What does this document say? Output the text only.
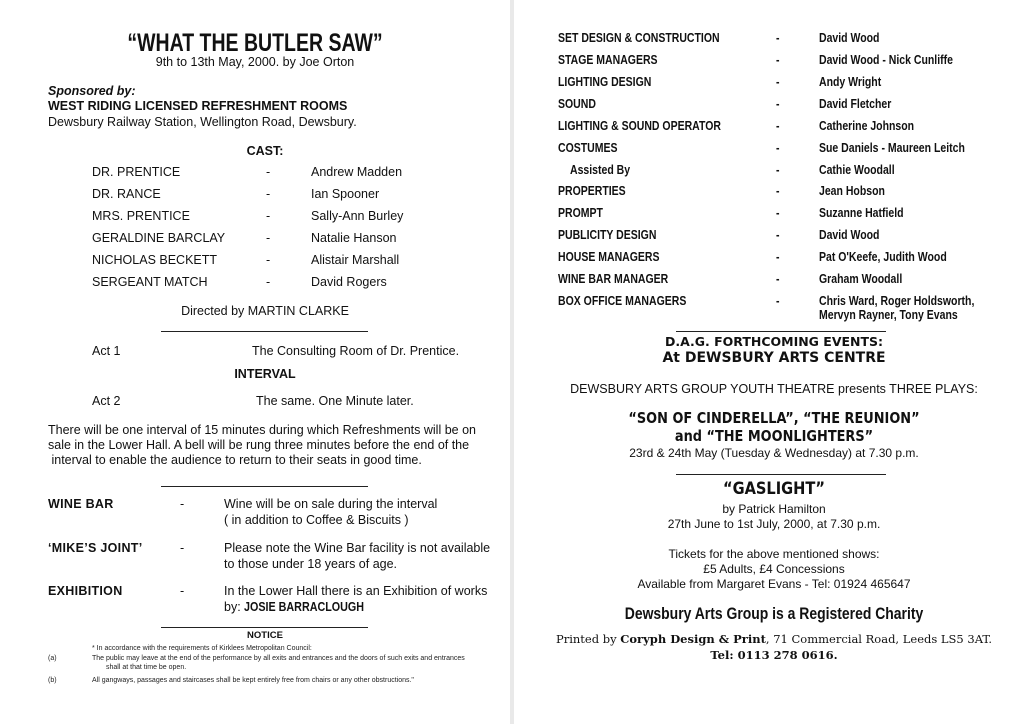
“WHAT THE BUTLER SAW”
9th to 13th May, 2000. by Joe Orton
Sponsored by:
WEST RIDING LICENSED REFRESHMENT ROOMS
Dewsbury Railway Station, Wellington Road, Dewsbury.
CAST:
DR. PRENTICE	-	Andrew Madden
DR. RANCE	-	Ian Spooner
MRS. PRENTICE	-	Sally-Ann Burley
GERALDINE BARCLAY	-	Natalie Hanson
NICHOLAS BECKETT	-	Alistair Marshall
SERGEANT MATCH	-	David Rogers
Directed by MARTIN CLARKE
Act 1	The Consulting Room of Dr. Prentice.
INTERVAL
Act 2	The same. One Minute later.
There will be one interval of 15 minutes during which Refreshments will be on
sale in the Lower Hall. A bell will be rung three minutes before the end of the
interval to enable the audience to return to their seats in good time.
WINE BAR	-	Wine will be on sale during the interval
( in addition to Coffee & Biscuits )
‘MIKE’S JOINT’	-	Please note the Wine Bar facility is not available
to those under 18 years of age.
EXHIBITION	-	In the Lower Hall there is an Exhibition of works
by: JOSIE BARRACLOUGH
NOTICE
* In accordance with the requirements of Kirklees Metropolitan Council:
(a)	The public may leave at the end of the performance by all exits and entrances and the doors of such exits and entrances
shall at that time be open.
(b)	All gangways, passages and staircases shall be kept entirely free from chairs or any other obstructions."
SET DESIGN & CONSTRUCTION	-	David Wood
STAGE MANAGERS	-	David Wood - Nick Cunliffe
LIGHTING DESIGN	-	Andy Wright
SOUND	-	David Fletcher
LIGHTING & SOUND OPERATOR	-	Catherine Johnson
COSTUMES	-	Sue Daniels - Maureen Leitch
Assisted By	-	Cathie Woodall
PROPERTIES	-	Jean Hobson
PROMPT	-	Suzanne Hatfield
PUBLICITY DESIGN	-	David Wood
HOUSE MANAGERS	-	Pat O'Keefe, Judith Wood
WINE BAR MANAGER	-	Graham Woodall
BOX OFFICE MANAGERS	-	Chris Ward, Roger Holdsworth,
Mervyn Rayner, Tony Evans
D.A.G. FORTHCOMING EVENTS:
At DEWSBURY ARTS CENTRE
DEWSBURY ARTS GROUP YOUTH THEATRE presents THREE PLAYS:
“SON OF CINDERELLA”, “THE REUNION”
and “THE MOONLIGHTERS”
23rd & 24th May (Tuesday & Wednesday) at 7.30 p.m.
“GASLIGHT”
by Patrick Hamilton
27th June to 1st July, 2000, at 7.30 p.m.
Tickets for the above mentioned shows:
£5 Adults, £4 Concessions
Available from Margaret Evans - Tel: 01924 465647
Dewsbury Arts Group is a Registered Charity
Printed by Coryph Design & Print, 71 Commercial Road, Leeds LS5 3AT.
Tel: 0113 278 0616.
